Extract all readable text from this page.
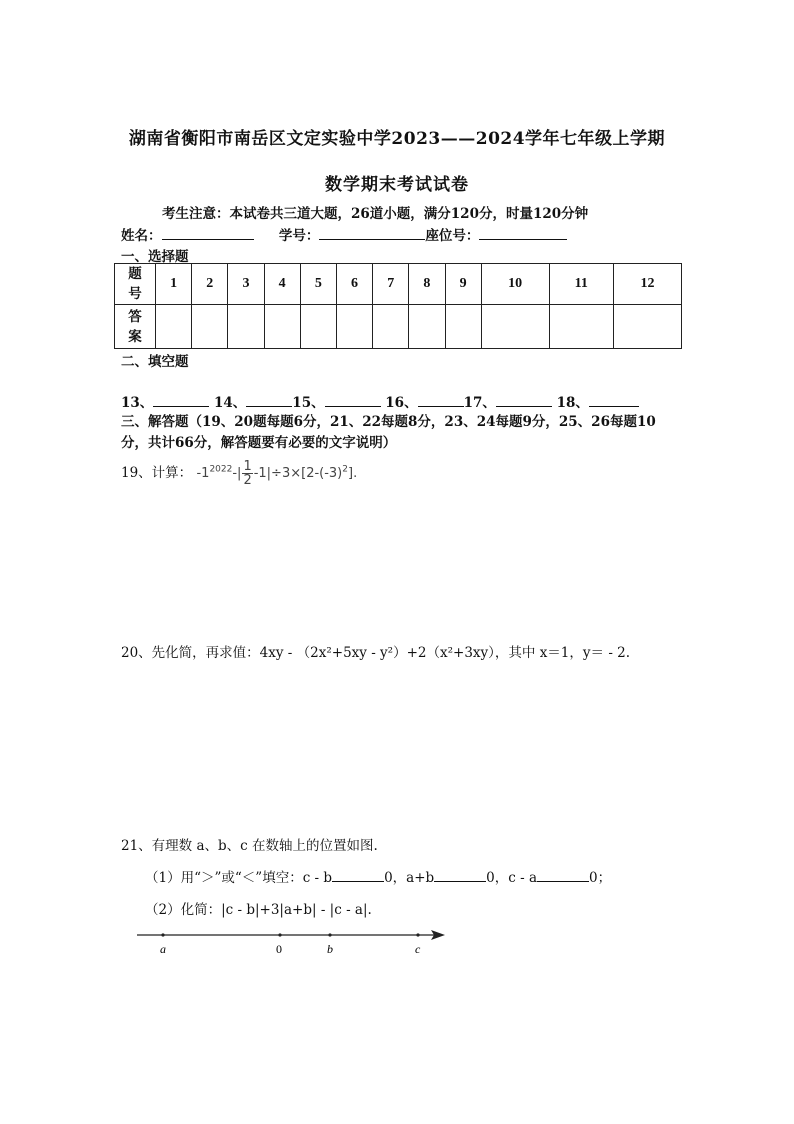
湖南省衡阳市南岳区文定实验中学2023——2024学年七年级上学期
数学期末考试试卷
考生注意：本试卷共三道大题，26道小题，满分120分，时量120分钟
姓名：	学号：	座位号：
一、选择题
题
号	1	2	3	4	5	6	7	8	9	10	11	12

答
案												

二、填空题
13、	14、	15、	16、	17、	18、
三、解答题（19、20题每题6分，21、22每题8分，23、24每题9分，25、26每题10分，共计66分，解答题要有必要的文字说明）
19、计算： $-1^{2022}-| \frac{1}{2} -1|\div 3\times[2-(-3)^2]$.
20、先化简，再求值：4xy - （2x²+5xy - y²）+2（x²+3xy），其中 x＝1，y＝ - 2.
21、有理数 a、b、c 在数轴上的位置如图.
（1）用“＞”或“＜”填空：c - b	0，a+b	0，c - a	0；
（2）化简：|c - b|+3|a+b| - |c - a|.
a	0	b	c
